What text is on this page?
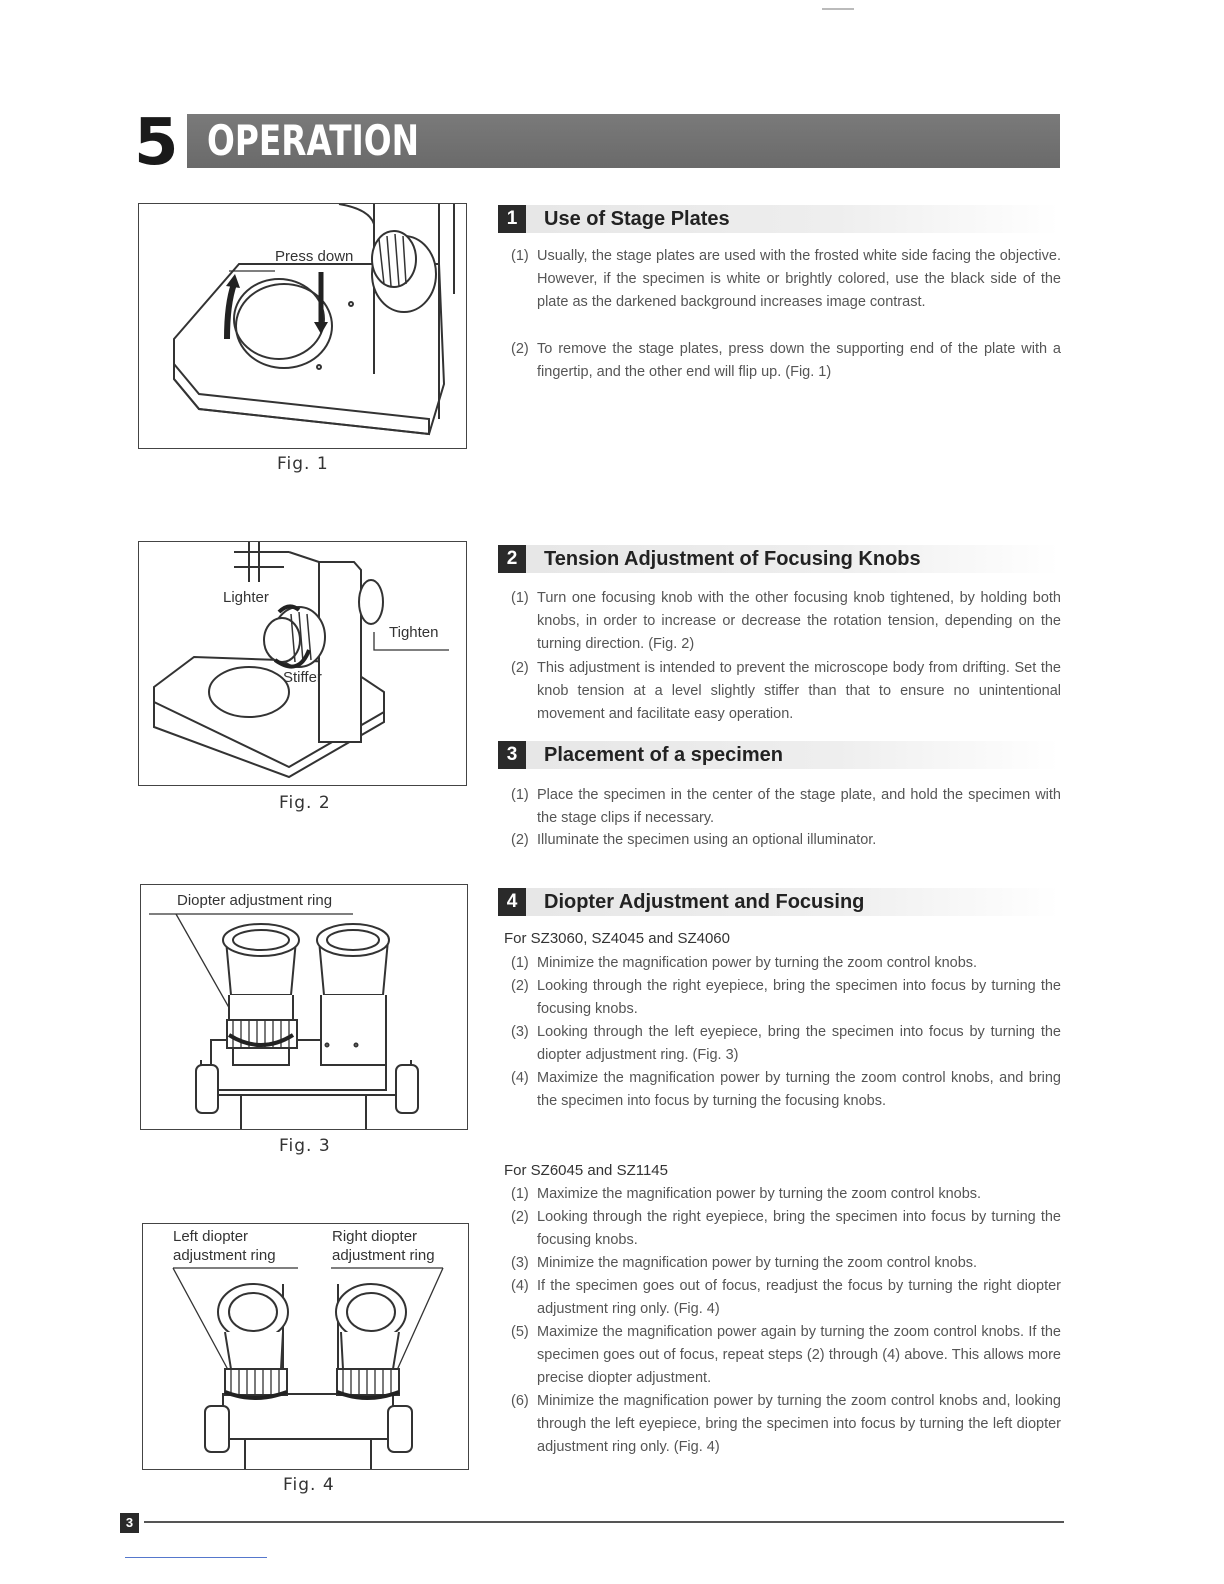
5 OPERATION
Press down
Fig. 1
Lighter
Tighten
Stiffer
Fig. 2
Diopter adjustment ring
Fig. 3
Left diopter
adjustment ring
Right diopter
adjustment ring
Fig. 4
1	Use of Stage Plates
(1) Usually, the stage plates are used with the frosted white side facing the objective. However, if the specimen is white or brightly colored, use the black side of the plate as the darkened background increases image contrast.
(2) To remove the stage plates, press down the supporting end of the plate with a fingertip, and the other end will flip up. (Fig. 1)
2	Tension Adjustment of Focusing Knobs
(1) Turn one focusing knob with the other focusing knob tightened, by holding both knobs, in order to increase or decrease the rotation tension, depending on the turning direction. (Fig. 2)
(2) This adjustment is intended to prevent the microscope body from drifting. Set the knob tension at a level slightly stiffer than that to ensure no unintentional movement and facilitate easy operation.
3	Placement of a specimen
(1) Place the specimen in the center of the stage plate, and hold the specimen with the stage clips if necessary.
(2) Illuminate the specimen using an optional illuminator.
4	Diopter Adjustment and Focusing
For SZ3060, SZ4045 and SZ4060
(1) Minimize the magnification power by turning the zoom control knobs.
(2) Looking through the right eyepiece, bring the specimen into focus by turning the focusing knobs.
(3) Looking through the left eyepiece, bring the specimen into focus by turning the diopter adjustment ring. (Fig. 3)
(4) Maximize the magnification power by turning the zoom control knobs, and bring the specimen into focus by turning the focusing knobs.
For SZ6045 and SZ1145
(1) Maximize the magnification power by turning the zoom control knobs.
(2) Looking through the right eyepiece, bring the specimen into focus by turning the focusing knobs.
(3) Minimize the magnification power by turning the zoom control knobs.
(4) If the specimen goes out of focus, readjust the focus by turning the right diopter adjustment ring only. (Fig. 4)
(5) Maximize the magnification power again by turning the zoom control knobs. If the specimen goes out of focus, repeat steps (2) through (4) above. This allows more precise diopter adjustment.
(6) Minimize the magnification power by turning the zoom control knobs and, looking through the left eyepiece, bring the specimen into focus by turning the left diopter adjustment ring only. (Fig. 4)
3
